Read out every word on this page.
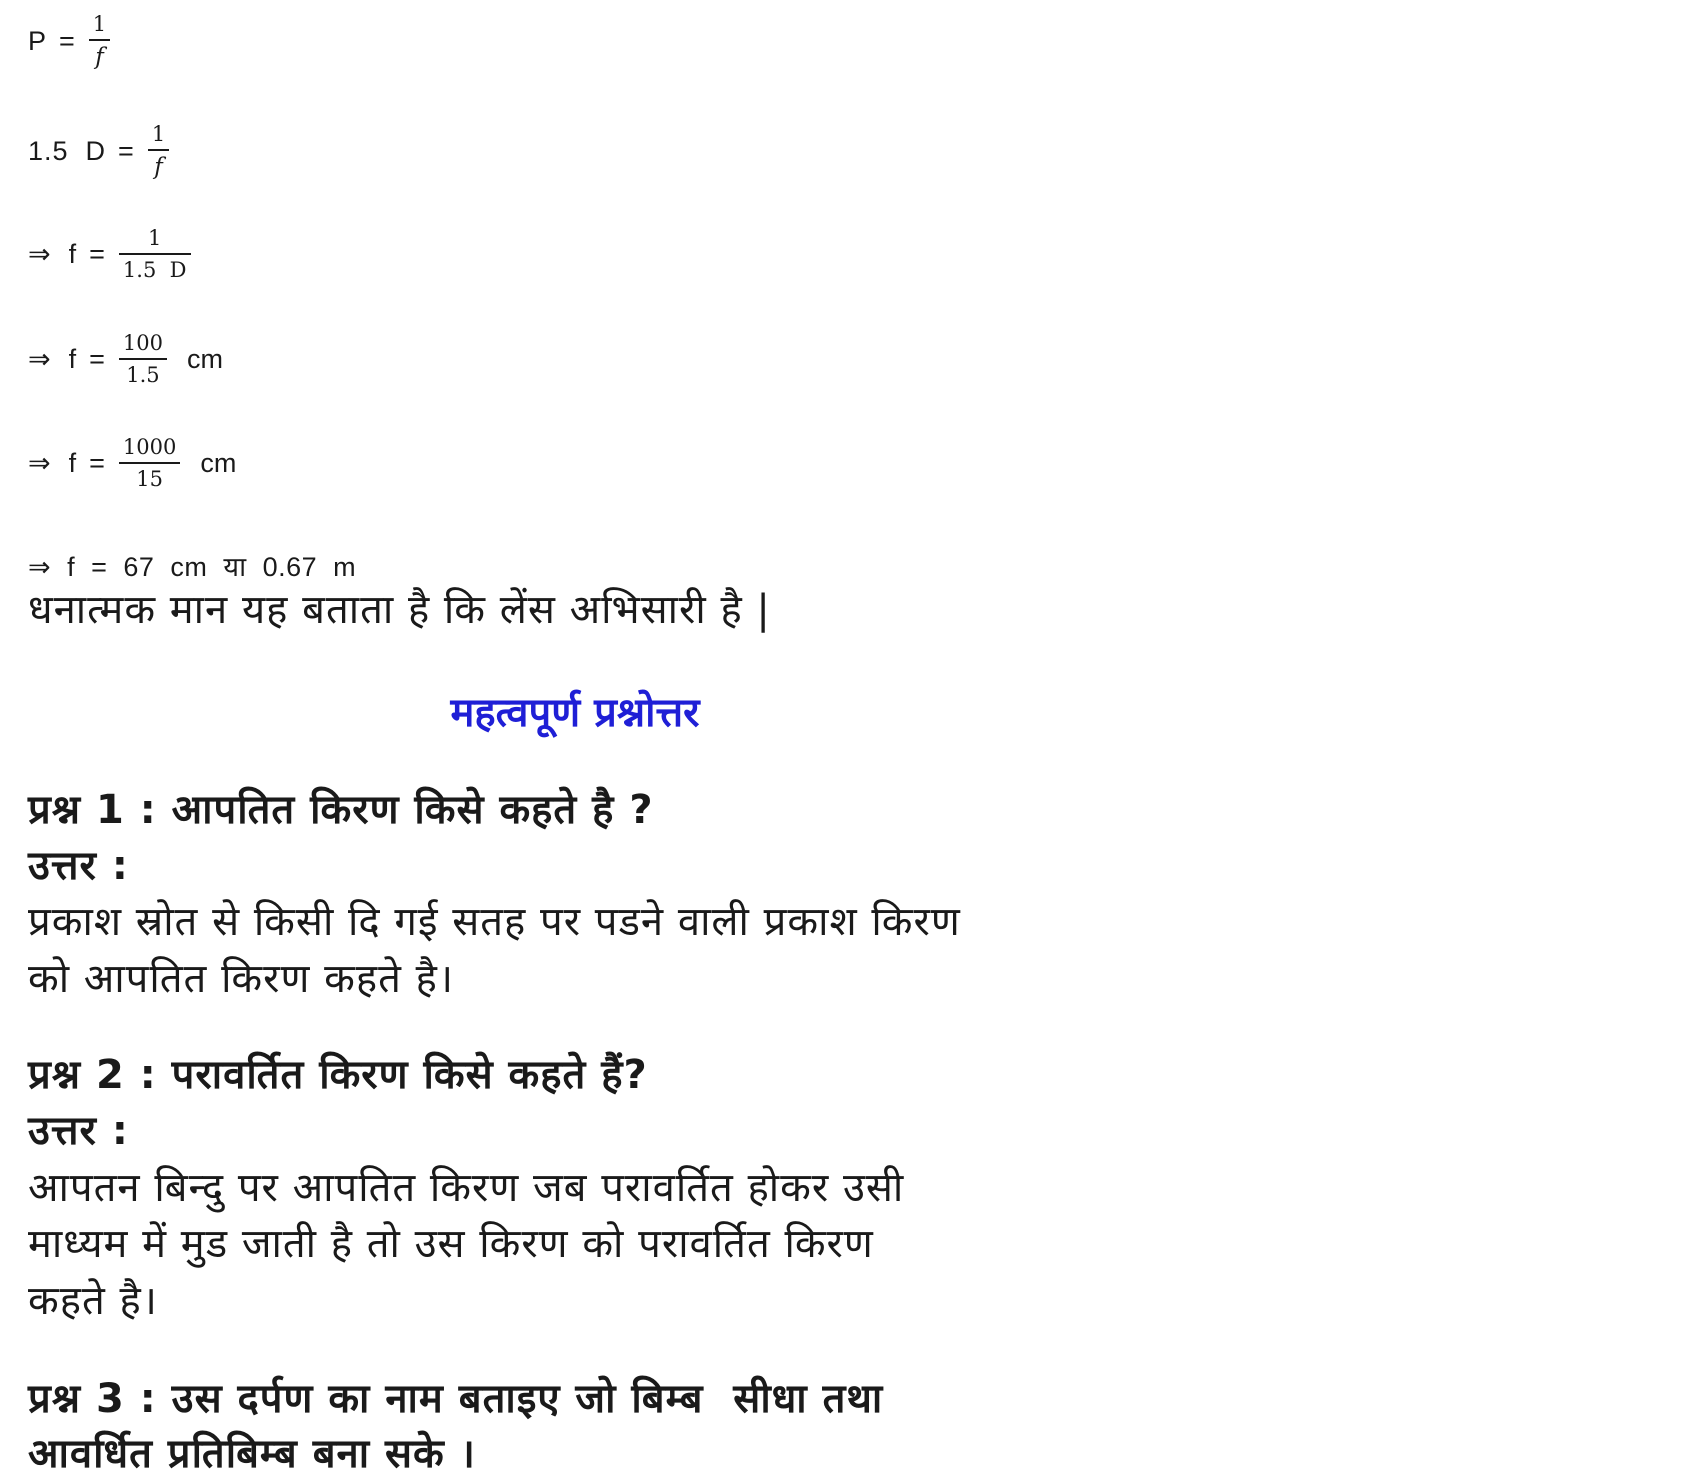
$P = \frac{1}{f}$
1.5  $D = \frac{1}{f}$
⇒  $f = \frac{1}{1.5 D}$
⇒  $f = \frac{100}{1.5}$ cm
⇒  $f = \frac{1000}{15}$ cm
⇒  f  =  67  cm  या  0.67  m
धनात्मक मान यह बताता है कि लेंस अभिसारी है |
महत्वपूर्ण प्रश्नोत्तर
प्रश्न 1 : आपतित किरण किसे कहते है ?
उत्तर :
प्रकाश स्रोत से किसी दि गई सतह पर पडने वाली प्रकाश किरण
को आपतित किरण कहते है।
प्रश्न 2 : परावर्तित किरण किसे कहते हैं?
उत्तर :
आपतन बिन्दु पर आपतित किरण जब परावर्तित होकर उसी
माध्यम में मुड जाती है तो उस किरण को परावर्तित किरण
कहते है।
प्रश्न 3 : उस दर्पण का नाम बताइए जो बिम्ब  सीधा तथा
आवर्धित प्रतिबिम्ब बना सके ।
